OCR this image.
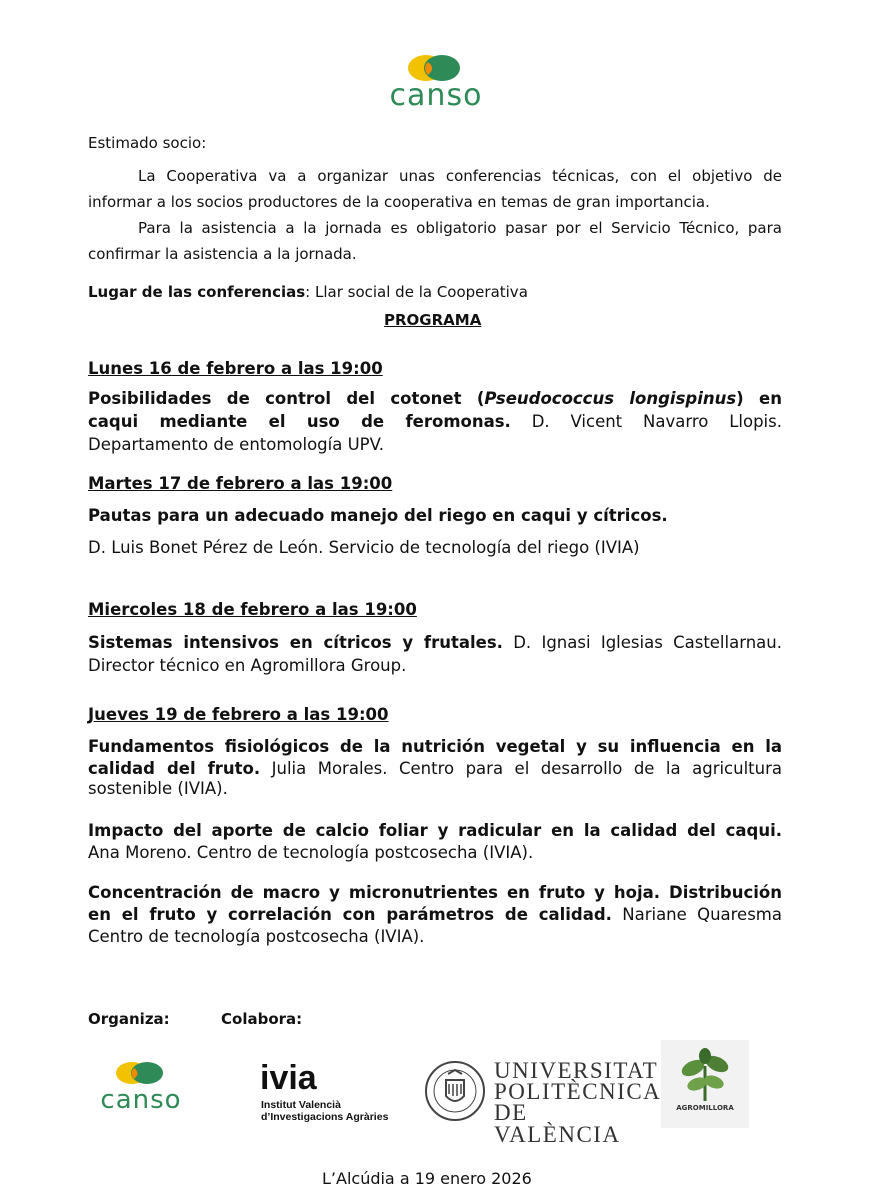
canso
Estimado socio:
La Cooperativa va a organizar unas conferencias técnicas, con el objetivo de
informar a los socios productores de la cooperativa en temas de gran importancia.
Para la asistencia a la jornada es obligatorio pasar por el Servicio Técnico, para
confirmar la asistencia a la jornada.
Lugar de las conferencias: Llar social de la Cooperativa
PROGRAMA
Lunes 16 de febrero a las 19:00
Posibilidades de control del cotonet (Pseudococcus longispinus) en
caqui mediante el uso de feromonas. D. Vicent Navarro Llopis.
Departamento de entomología UPV.
Martes 17 de febrero a las 19:00
Pautas para un adecuado manejo del riego en caqui y cítricos.
D. Luis Bonet Pérez de León. Servicio de tecnología del riego (IVIA)
Miercoles 18 de febrero a las 19:00
Sistemas intensivos en cítricos y frutales. D. Ignasi Iglesias Castellarnau.
Director técnico en Agromillora Group.
Jueves 19 de febrero a las 19:00
Fundamentos fisiológicos de la nutrición vegetal y su influencia en la
calidad del fruto. Julia Morales. Centro para el desarrollo de la agricultura
sostenible (IVIA).
Impacto del aporte de calcio foliar y radicular en la calidad del caqui.
Ana Moreno. Centro de tecnología postcosecha (IVIA).
Concentración de macro y micronutrientes en fruto y hoja. Distribución
en el fruto y correlación con parámetros de calidad. Nariane Quaresma
Centro de tecnología postcosecha (IVIA).
Organiza:	Colabora:
canso
ivia
Institut Valencià
d’Investigacions Agràries
UNIVERSITAT
POLITÈCNICA
DE VALÈNCIA
AGROMILLORA
L’Alcúdia a 19 enero 2026
